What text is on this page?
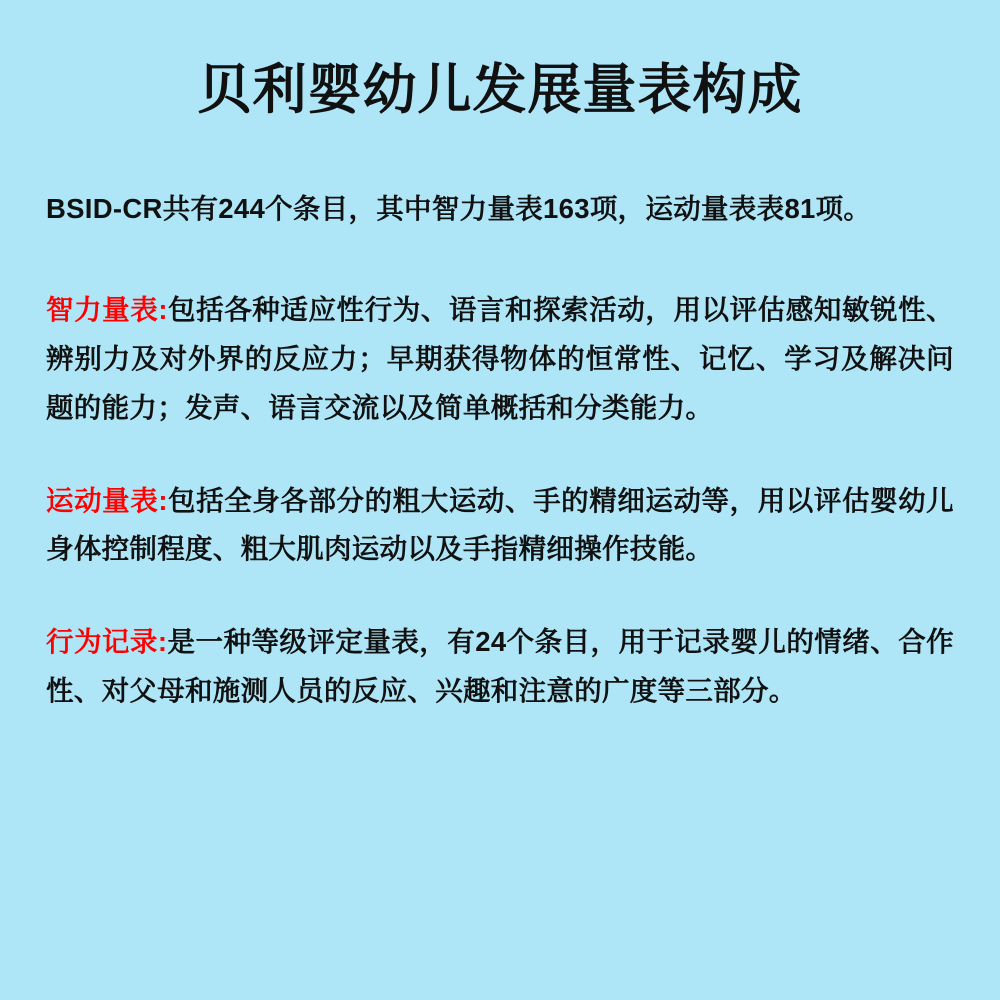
贝利婴幼儿发展量表构成

BSID-CR共有244个条目，其中智力量表163项，运动量表表81项。

智力量表:包括各种适应性行为、语言和探索活动，用以评估感知敏锐性、辨别力及对外界的反应力；早期获得物体的恒常性、记忆、学习及解决问题的能力；发声、语言交流以及简单概括和分类能力。

运动量表:包括全身各部分的粗大运动、手的精细运动等，用以评估婴幼儿身体控制程度、粗大肌肉运动以及手指精细操作技能。

行为记录:是一种等级评定量表，有24个条目，用于记录婴儿的情绪、合作性、对父母和施测人员的反应、兴趣和注意的广度等三部分。
